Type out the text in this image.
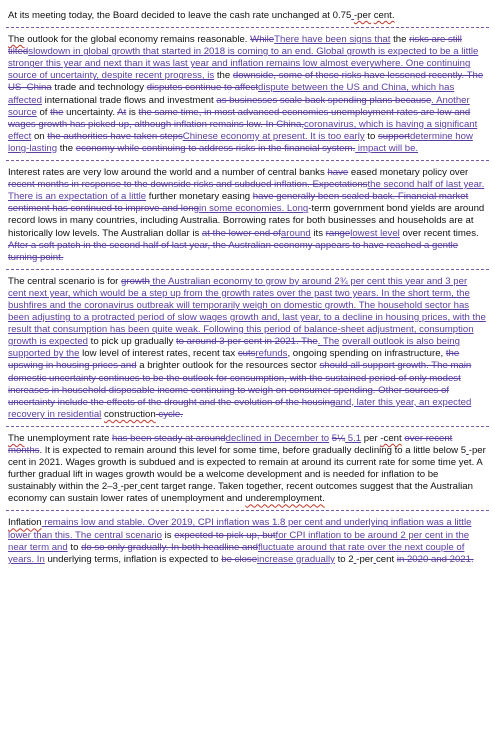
At its meeting today, the Board decided to leave the cash rate unchanged at 0.75 -per cent.

The outlook for the global economy remains reasonable. WhileThere have been signs that the risks are still tiltedslowdown in global growth that started in 2018 is coming to an end. Global growth is expected to be a little stronger this year and next than it was last year and inflation remains low almost everywhere. One continuing source of uncertainty, despite recent progress, is the downside, some of these risks have lessened recently. The US–China trade and technology disputes continue to affectdispute between the US and China, which has affected international trade flows and investment as businesses scale back spending plans because. Another source of the uncertainty. At is the same time, in most advanced economies unemployment rates are low and wages growth has picked up, although inflation remains low. In China,coronavirus, which is having a significant effect on the authorities have taken stepsChinese economy at present. It is too early to supportdetermine how long-lasting the economy while continuing to address risks in the financial system. impact will be.

Interest rates are very low around the world and a number of central banks have eased monetary policy over recent months in response to the downside risks and subdued inflation. Expectationsthe second half of last year. There is an expectation of a little further monetary easing have generally been scaled back. Financial market sentiment has continued to improve and longin some economies. Long-term government bond yields are around record lows in many countries, including Australia. Borrowing rates for both businesses and households are at historically low levels. The Australian dollar is at the lower end ofaround its rangelowest level over recent times. After a soft patch in the second half of last year, the Australian economy appears to have reached a gentle turning point.

The central scenario is for growth the Australian economy to grow by around 2¾ per cent this year and 3 per cent next year, which would be a step up from the growth rates over the past two years. In the short term, the bushfires and the coronavirus outbreak will temporarily weigh on domestic growth. The household sector has been adjusting to a protracted period of slow wages growth and, last year, to a decline in housing prices, with the result that consumption has been quite weak. Following this period of balance-sheet adjustment, consumption growth is expected to pick up gradually to around 3 per cent in 2021. The. The overall outlook is also being supported by the low level of interest rates, recent tax cutsrefunds, ongoing spending on infrastructure, the upswing in housing prices and a brighter outlook for the resources sector should all support growth. The main domestic uncertainty continues to be the outlook for consumption, with the sustained period of only modest increases in household disposable income continuing to weigh on consumer spending. Other sources of uncertainty include the effects of the drought and the evolution of the housingand, later this year, an expected recovery in residential construction cycle.

The unemployment rate has been steady at arounddeclined in December to 5¼ 5.1 per -cent over recent months. It is expected to remain around this level for some time, before gradually declining to a little below 5 -per cent in 2021. Wages growth is subdued and is expected to remain at around its current rate for some time yet. A further gradual lift in wages growth would be a welcome development and is needed for inflation to be sustainably within the 2–3 -per cent target range. Taken together, recent outcomes suggest that the Australian economy can sustain lower rates of unemployment and underemployment.

Inflation remains low and stable. Over 2019, CPI inflation was 1.8 per cent and underlying inflation was a little lower than this. The central scenario is expected to pick up, butfor CPI inflation to be around 2 per cent in the near term and to do so only gradually. In both headline andfluctuate around that rate over the next couple of years. In underlying terms, inflation is expected to be closeincrease gradually to 2 -per cent in 2020 and 2021.
